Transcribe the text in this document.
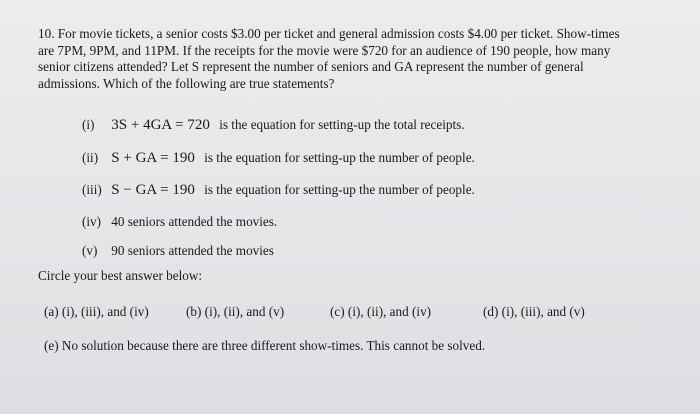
10. For movie tickets, a senior costs $3.00 per ticket and general admission costs $4.00 per ticket. Show-times
are 7PM, 9PM, and 11PM. If the receipts for the movie were $720 for an audience of 190 people, how many
senior citizens attended? Let S represent the number of seniors and GA represent the number of general
admissions. Which of the following are true statements?
(i) 3S + 4GA = 720 is the equation for setting-up the total receipts.
(ii) S + GA = 190 is the equation for setting-up the number of people.
(iii) S − GA = 190 is the equation for setting-up the number of people.
(iv) 40 seniors attended the movies.
(v) 90 seniors attended the movies
Circle your best answer below:
(a) (i), (iii), and (iv)	(b) (i), (ii), and (v)	(c) (i), (ii), and (iv)	(d) (i), (iii), and (v)
(e) No solution because there are three different show-times. This cannot be solved.
